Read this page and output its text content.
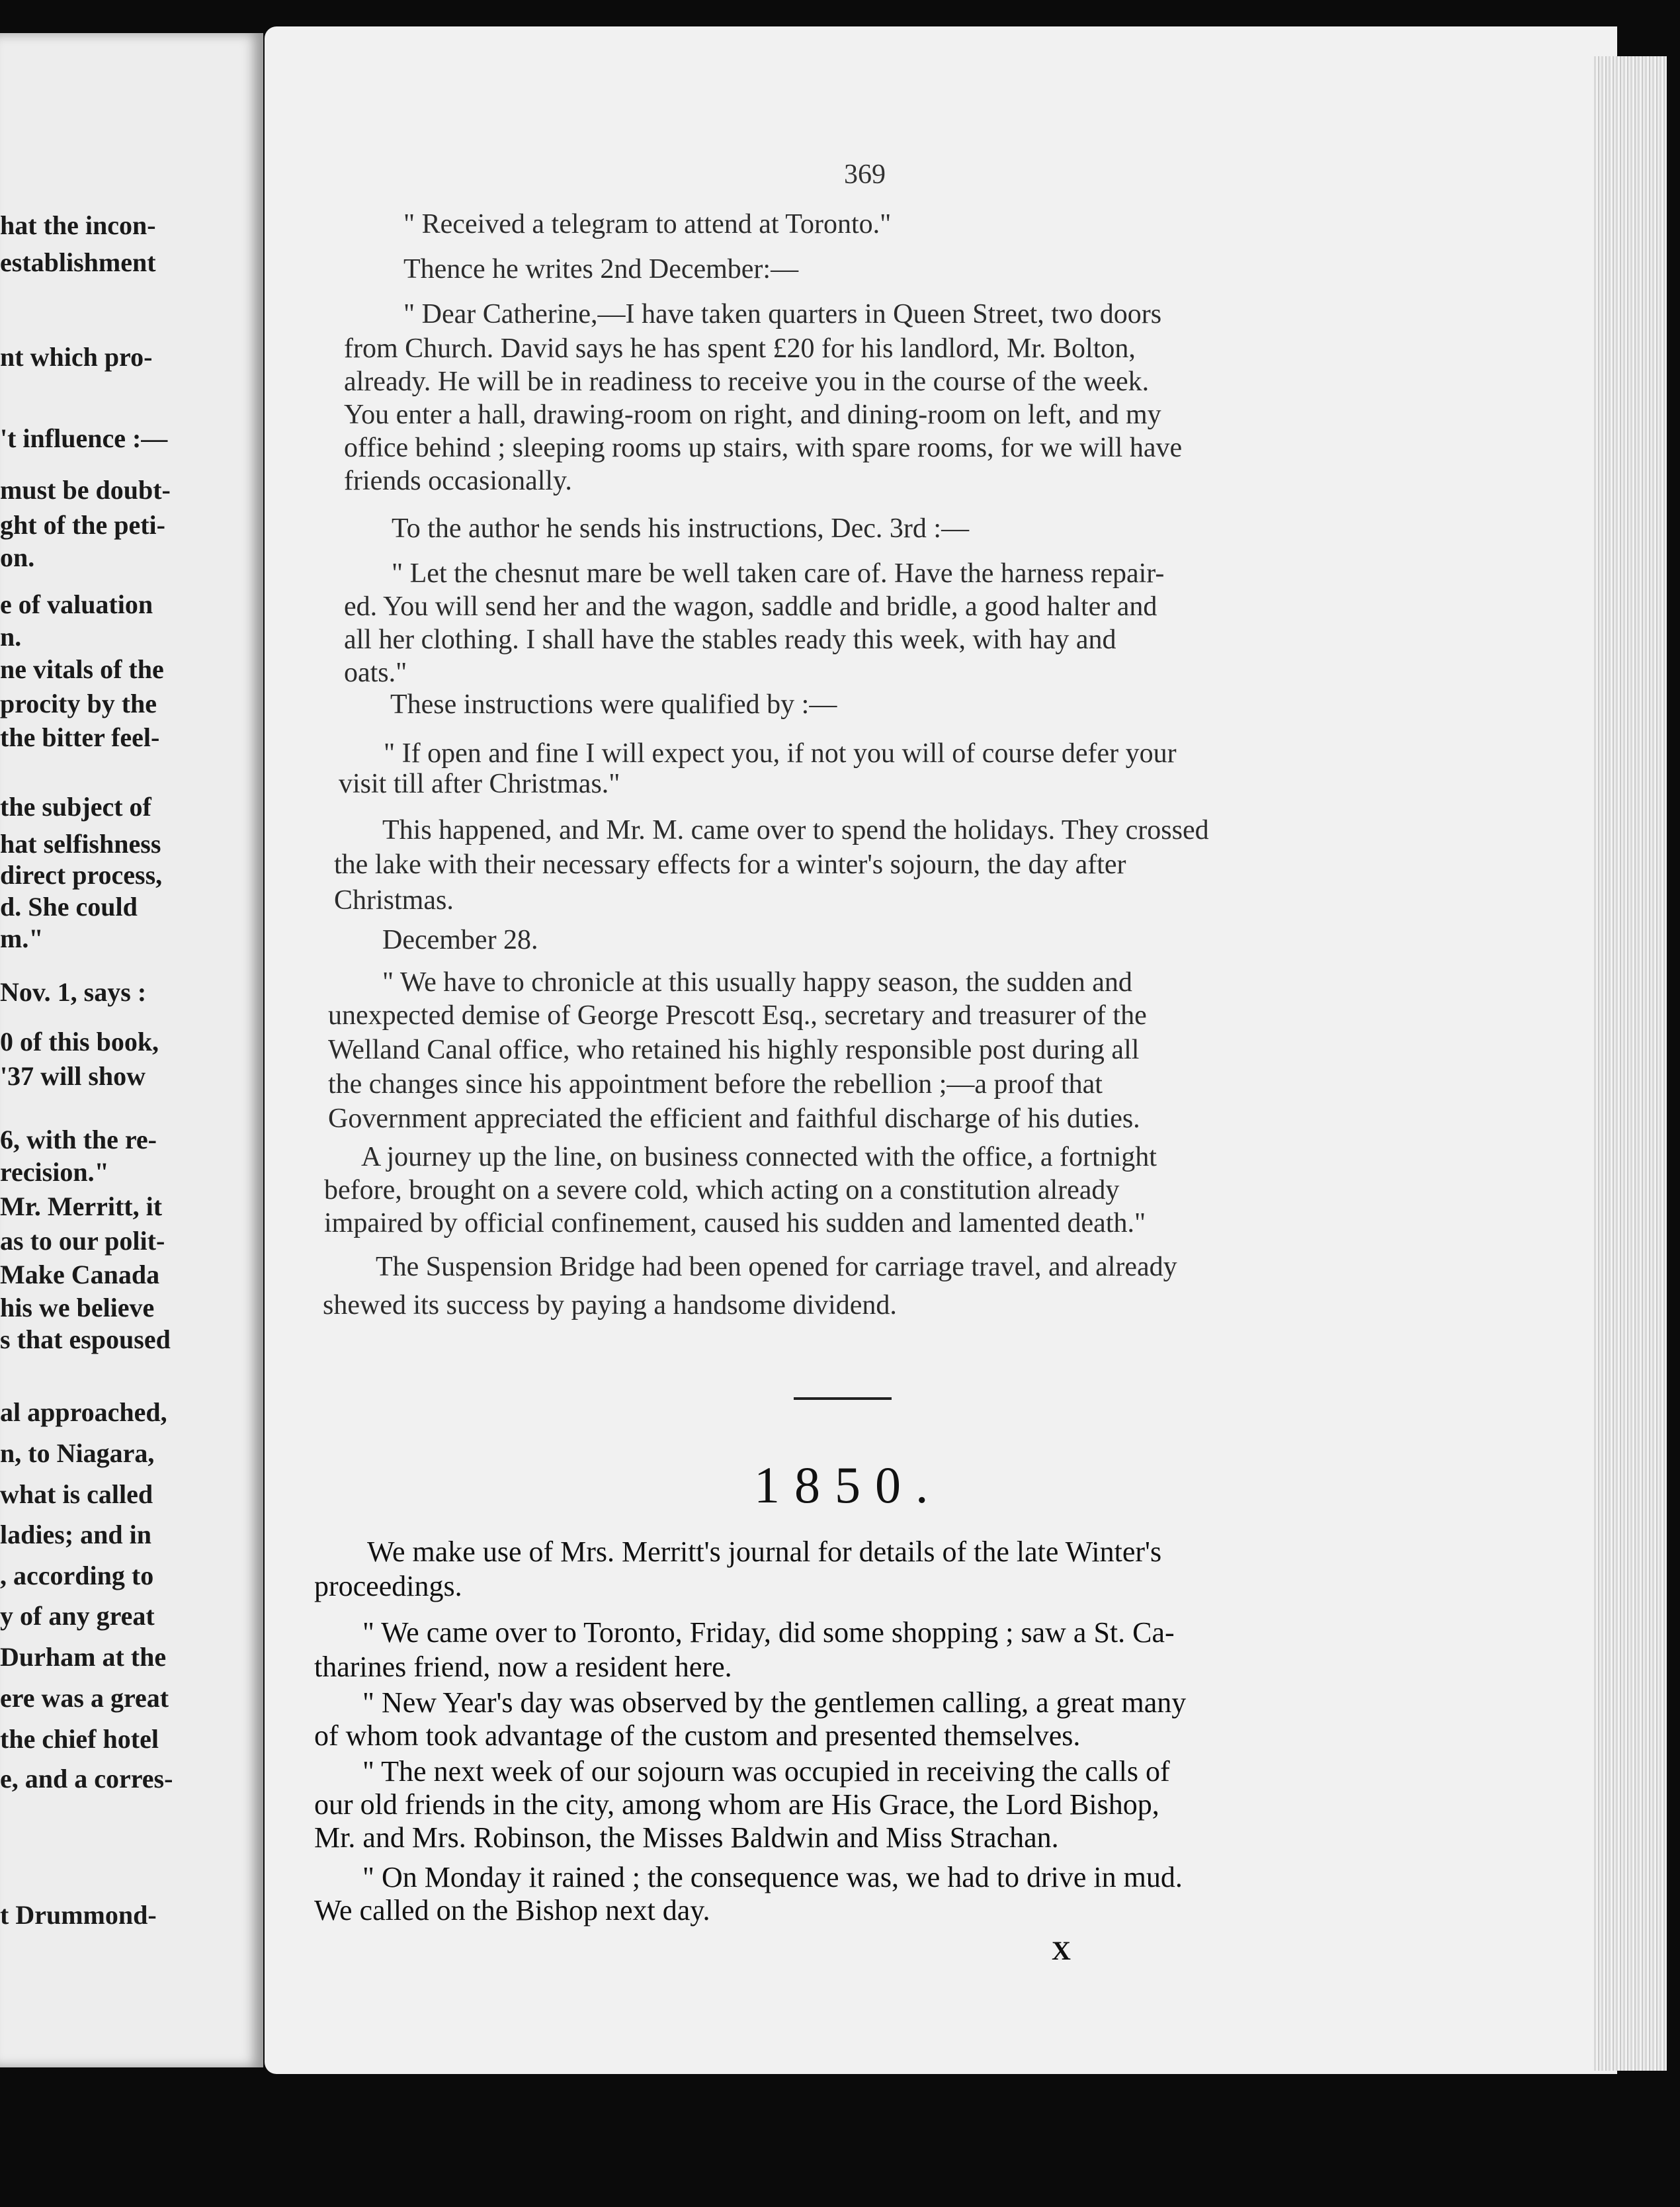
hat the incon-
establishment
nt which pro-
't influence :—
must be doubt-
ght of the peti-
on.
e of valuation
n.
ne vitals of the
procity by the
the bitter feel-
the subject of
hat selfishness
direct process,
d. She could
m."
Nov. 1, says :
0 of this book,
'37 will show
6, with the re-
recision."
Mr. Merritt, it
as to our polit-
Make Canada
his we believe
s that espoused
al approached,
n, to Niagara,
what is called
ladies; and in
, according to
y of any great
Durham at the
ere was a great
the chief hotel
e, and a corres-
t Drummond-
369
" Received a telegram to attend at Toronto."
Thence he writes 2nd December:—
" Dear Catherine,—I have taken quarters in Queen Street, two doors
from Church. David says he has spent £20 for his landlord, Mr. Bolton,
already. He will be in readiness to receive you in the course of the week.
You enter a hall, drawing-room on right, and dining-room on left, and my
office behind ; sleeping rooms up stairs, with spare rooms, for we will have
friends occasionally.
To the author he sends his instructions, Dec. 3rd :—
" Let the chesnut mare be well taken care of. Have the harness repair-
ed. You will send her and the wagon, saddle and bridle, a good halter and
all her clothing. I shall have the stables ready this week, with hay and
oats."
These instructions were qualified by :—
" If open and fine I will expect you, if not you will of course defer your
visit till after Christmas."
This happened, and Mr. M. came over to spend the holidays. They crossed
the lake with their necessary effects for a winter's sojourn, the day after
Christmas.
December 28.
" We have to chronicle at this usually happy season, the sudden and
unexpected demise of George Prescott Esq., secretary and treasurer of the
Welland Canal office, who retained his highly responsible post during all
the changes since his appointment before the rebellion ;—a proof that
Government appreciated the efficient and faithful discharge of his duties.
A journey up the line, on business connected with the office, a fortnight
before, brought on a severe cold, which acting on a constitution already
impaired by official confinement, caused his sudden and lamented death."
The Suspension Bridge had been opened for carriage travel, and already
shewed its success by paying a handsome dividend.
1850.
We make use of Mrs. Merritt's journal for details of the late Winter's
proceedings.
" We came over to Toronto, Friday, did some shopping ; saw a St. Ca-
tharines friend, now a resident here.
" New Year's day was observed by the gentlemen calling, a great many
of whom took advantage of the custom and presented themselves.
" The next week of our sojourn was occupied in receiving the calls of
our old friends in the city, among whom are His Grace, the Lord Bishop,
Mr. and Mrs. Robinson, the Misses Baldwin and Miss Strachan.
" On Monday it rained ; the consequence was, we had to drive in mud.
We called on the Bishop next day.
X
